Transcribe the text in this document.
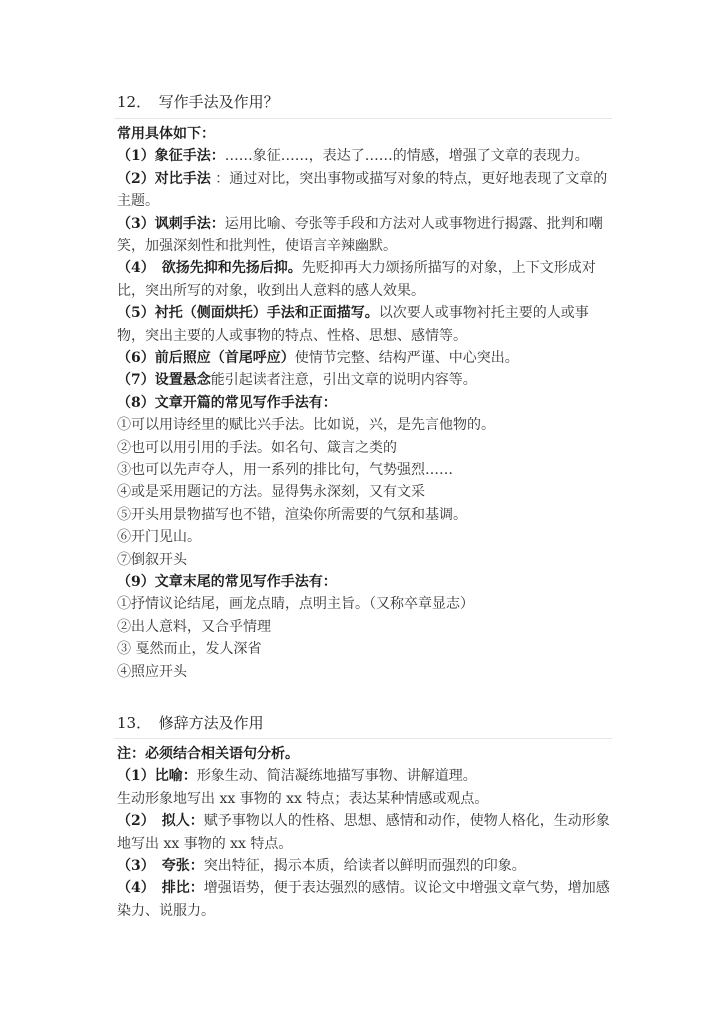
12．　写作手法及作用？
常用具体如下：
（1）象征手法：……象征……，表达了……的情感，增强了文章的表现力。
（2）对比手法 ：通过对比，突出事物或描写对象的特点，更好地表现了文章的主题。
（3）讽刺手法：运用比喻、夸张等手段和方法对人或事物进行揭露、批判和嘲笑，加强深刻性和批判性，使语言辛辣幽默。
（4）　欲扬先抑和先扬后抑。先贬抑再大力颂扬所描写的对象，上下文形成对比，突出所写的对象，收到出人意料的感人效果。
（5）衬托（侧面烘托）手法和正面描写。以次要人或事物衬托主要的人或事物，突出主要的人或事物的特点、性格、思想、感情等。
（6）前后照应（首尾呼应）使情节完整、结构严谨、中心突出。
（7）设置悬念能引起读者注意，引出文章的说明内容等。
（8）文章开篇的常见写作手法有：
①可以用诗经里的赋比兴手法。比如说，兴，是先言他物的。
②也可以用引用的手法。如名句、箴言之类的
③也可以先声夺人，用一系列的排比句，气势强烈……
④或是采用题记的方法。显得隽永深刻，又有文采
⑤开头用景物描写也不错，渲染你所需要的气氛和基调。
⑥开门见山。
⑦倒叙开头
（9）文章末尾的常见写作手法有：
①抒情议论结尾，画龙点睛，点明主旨。（又称卒章显志）
②出人意料，又合乎情理
③ 戛然而止，发人深省
④照应开头
13．　修辞方法及作用
注：必须结合相关语句分析。
（1）比喻：形象生动、简洁凝练地描写事物、讲解道理。
生动形象地写出 xx 事物的 xx 特点；表达某种情感或观点。
（2）　拟人：赋予事物以人的性格、思想、感情和动作，使物人格化，生动形象地写出 xx 事物的 xx 特点。
（3）　夸张：突出特征，揭示本质，给读者以鲜明而强烈的印象。
（4）　排比：增强语势，便于表达强烈的感情。议论文中增强文章气势，增加感染力、说服力。
